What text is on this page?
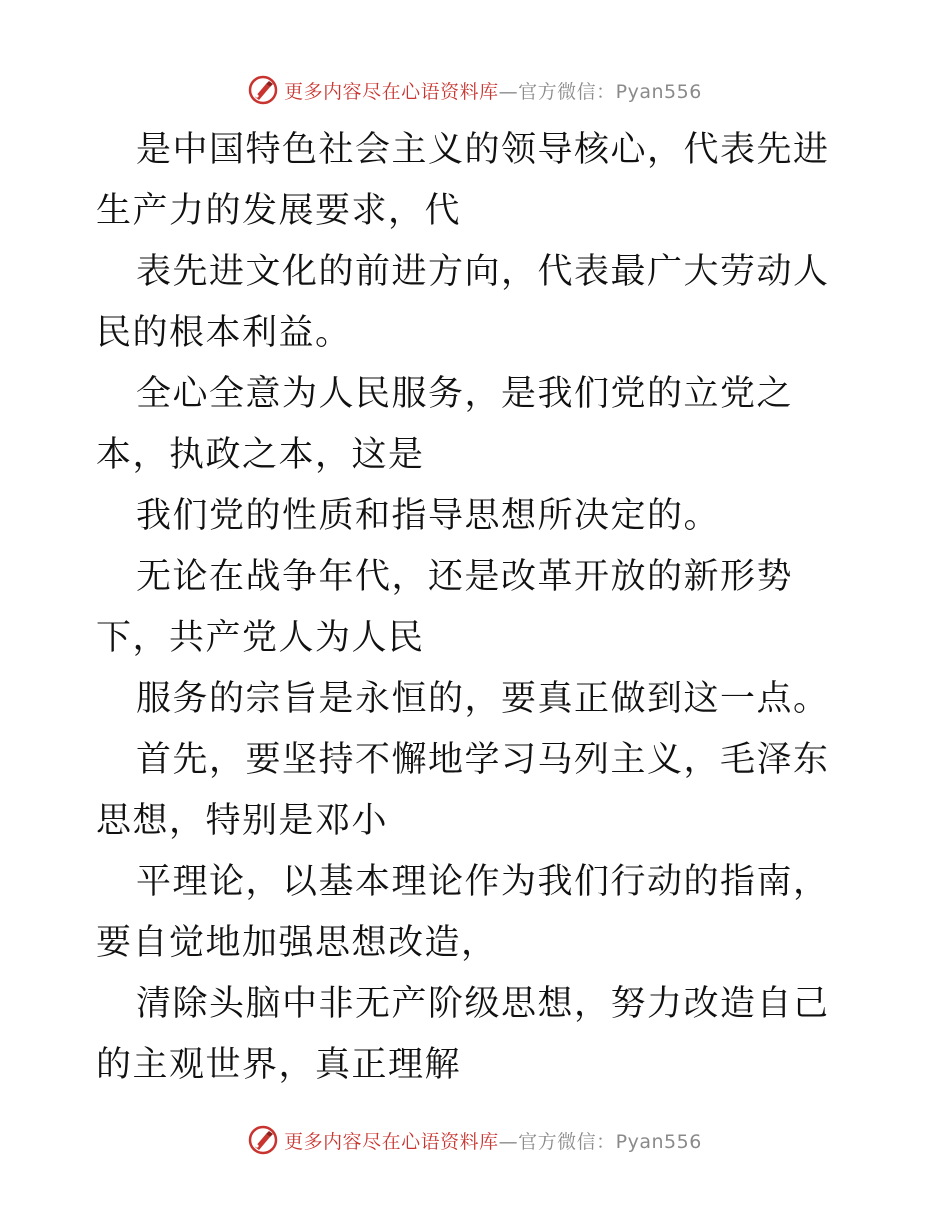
更多内容尽在心语资料库—官方微信：Pyan556

是中国特色社会主义的领导核心，代表先进生产力的发展要求，代

表先进文化的前进方向，代表最广大劳动人民的根本利益。

全心全意为人民服务，是我们党的立党之本，执政之本，这是

我们党的性质和指导思想所决定的。

无论在战争年代，还是改革开放的新形势下，共产党人为人民

服务的宗旨是永恒的，要真正做到这一点。

首先，要坚持不懈地学习马列主义，毛泽东思想，特别是邓小

平理论，以基本理论作为我们行动的指南，要自觉地加强思想改造，

清除头脑中非无产阶级思想，努力改造自己的主观世界，真正理解

更多内容尽在心语资料库—官方微信：Pyan556
